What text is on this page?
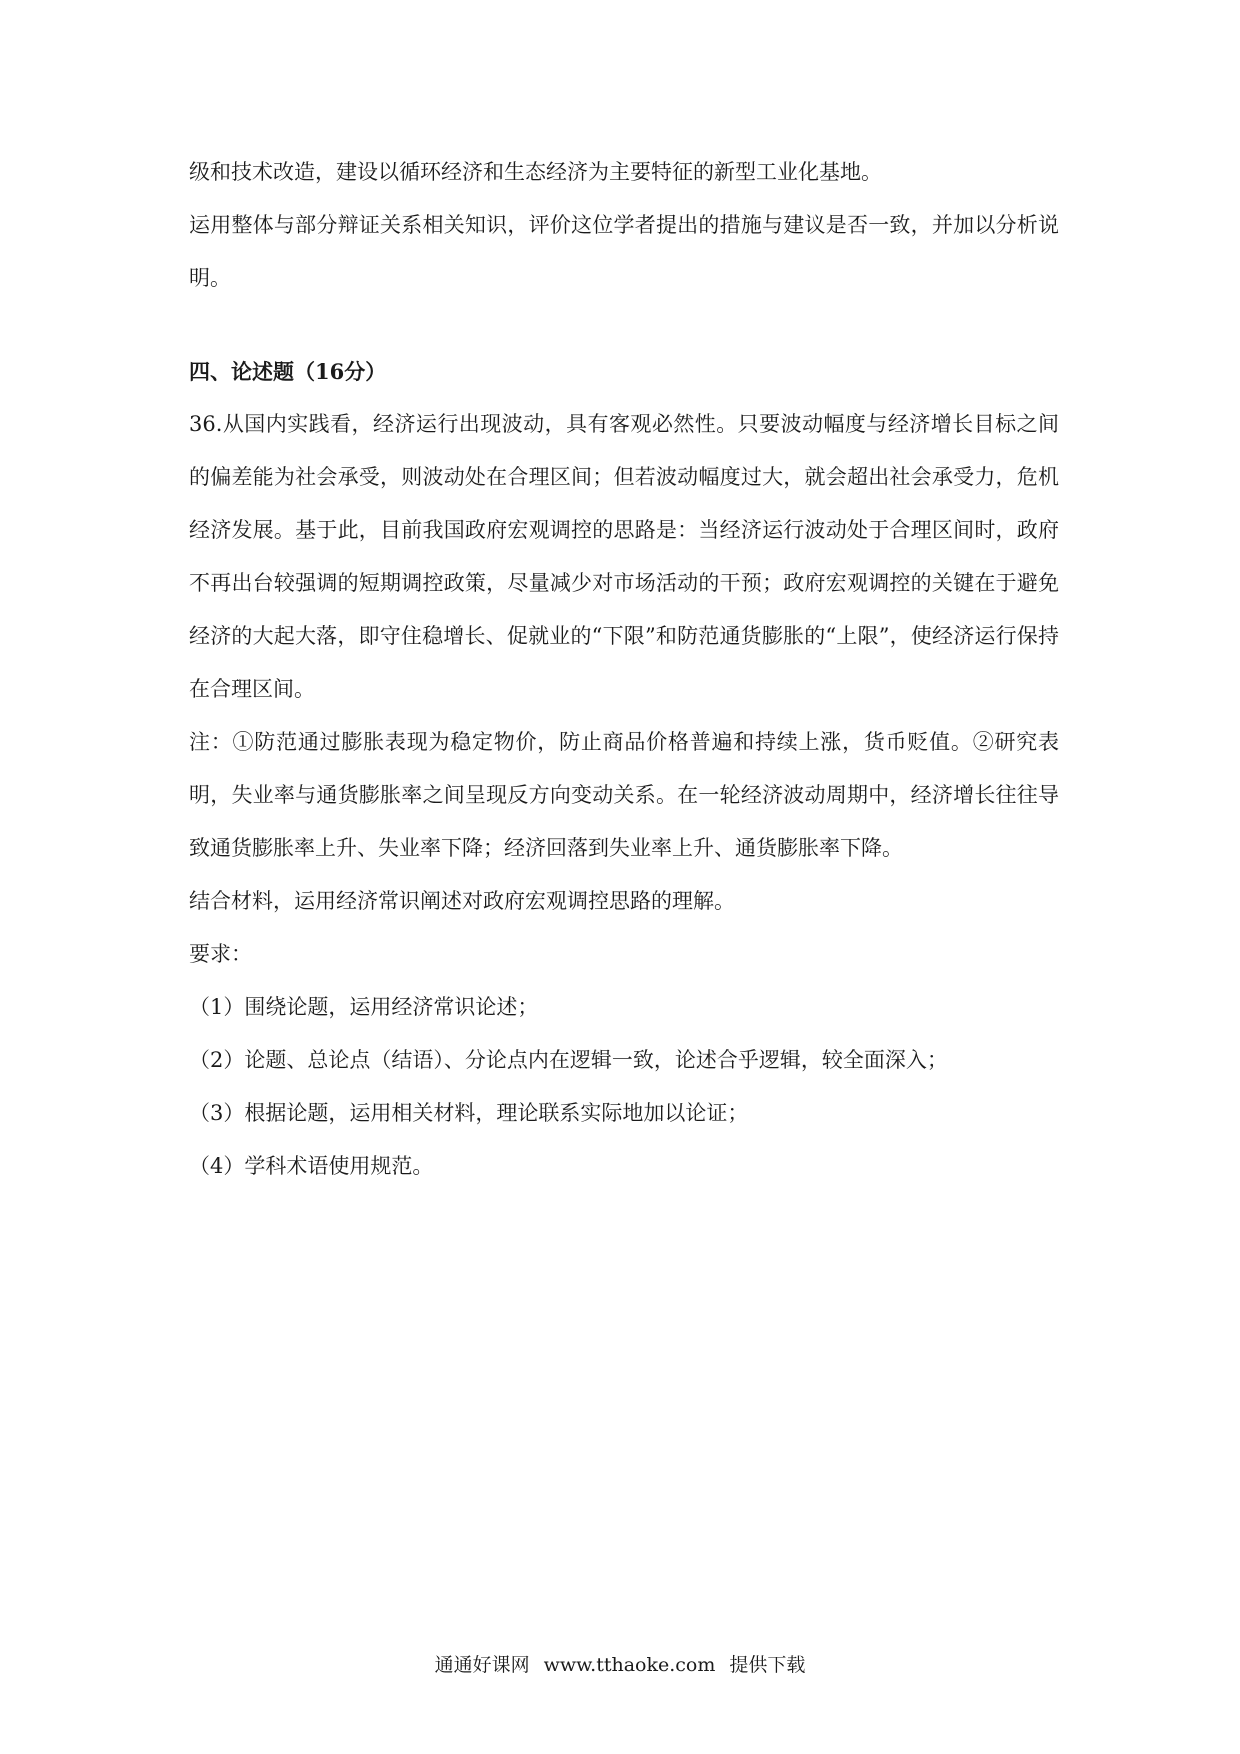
级和技术改造，建设以循环经济和生态经济为主要特征的新型工业化基地。

运用整体与部分辩证关系相关知识，评价这位学者提出的措施与建议是否一致，并加以分析说明。

四、论述题（16分）

36.从国内实践看，经济运行出现波动，具有客观必然性。只要波动幅度与经济增长目标之间的偏差能为社会承受，则波动处在合理区间；但若波动幅度过大，就会超出社会承受力，危机经济发展。基于此，目前我国政府宏观调控的思路是：当经济运行波动处于合理区间时，政府不再出台较强调的短期调控政策，尽量减少对市场活动的干预；政府宏观调控的关键在于避免经济的大起大落，即守住稳增长、促就业的“下限”和防范通货膨胀的“上限”，使经济运行保持在合理区间。

注：①防范通过膨胀表现为稳定物价，防止商品价格普遍和持续上涨，货币贬值。②研究表明，失业率与通货膨胀率之间呈现反方向变动关系。在一轮经济波动周期中，经济增长往往导致通货膨胀率上升、失业率下降；经济回落到失业率上升、通货膨胀率下降。

结合材料，运用经济常识阐述对政府宏观调控思路的理解。

要求：

（1）围绕论题，运用经济常识论述；

（2）论题、总论点（结语）、分论点内在逻辑一致，论述合乎逻辑，较全面深入；

（3）根据论题，运用相关材料，理论联系实际地加以论证；

（4）学科术语使用规范。

通通好课网 www.tthaoke.com 提供下载
